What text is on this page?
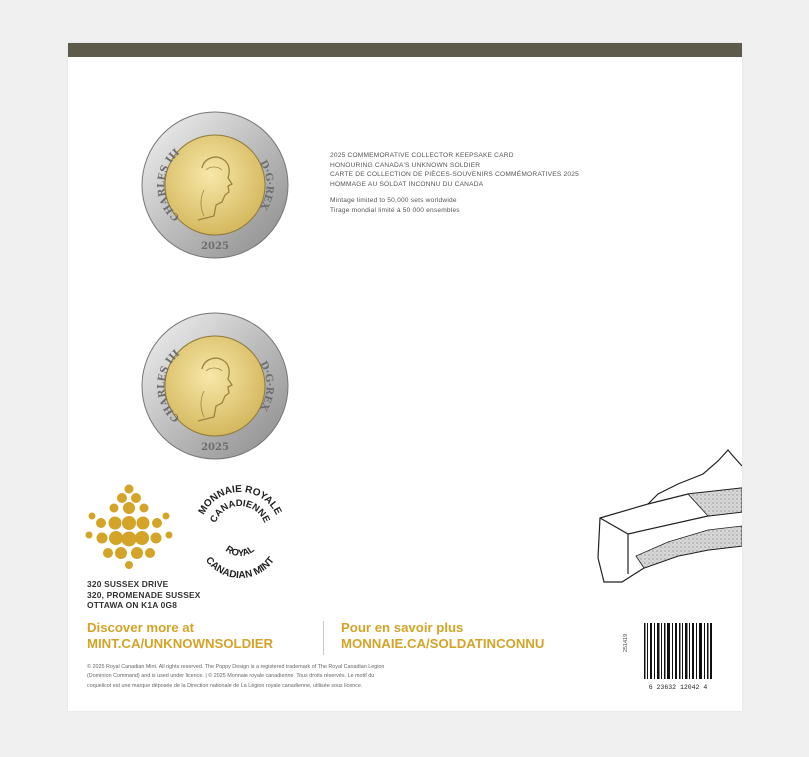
CHARLES III
D·G·REX
2025
CHARLES III
D·G·REX
2025
2025 COMMEMORATIVE COLLECTOR KEEPSAKE CARD
HONOURING CANADA'S UNKNOWN SOLDIER
CARTE DE COLLECTION DE PIÈCES-SOUVENIRS COMMÉMORATIVES 2025
HOMMAGE AU SOLDAT INCONNU DU CANADA
Mintage limited to 50,000 sets worldwide
Tirage mondial limité à 50 000 ensembles
MONNAIE ROYALE
CANADIENNE
ROYAL
CANADIAN MINT
320 SUSSEX DRIVE
320, PROMENADE SUSSEX
OTTAWA ON K1A 0G8
Discover more at
MINT.CA/UNKNOWNSOLDIER
Pour en savoir plus
MONNAIE.CA/SOLDATINCONNU
© 2025 Royal Canadian Mint. All rights reserved. The Poppy Design is a registered trademark of The Royal Canadian Legion
(Dominion Command) and is used under licence. | © 2025 Monnaie royale canadienne. Tous droits réservés. Le motif du
coquelicot est une marque déposée de la Direction nationale de La Légion royale canadienne, utilisée sous licence.
251419
6 23632 12042 4
